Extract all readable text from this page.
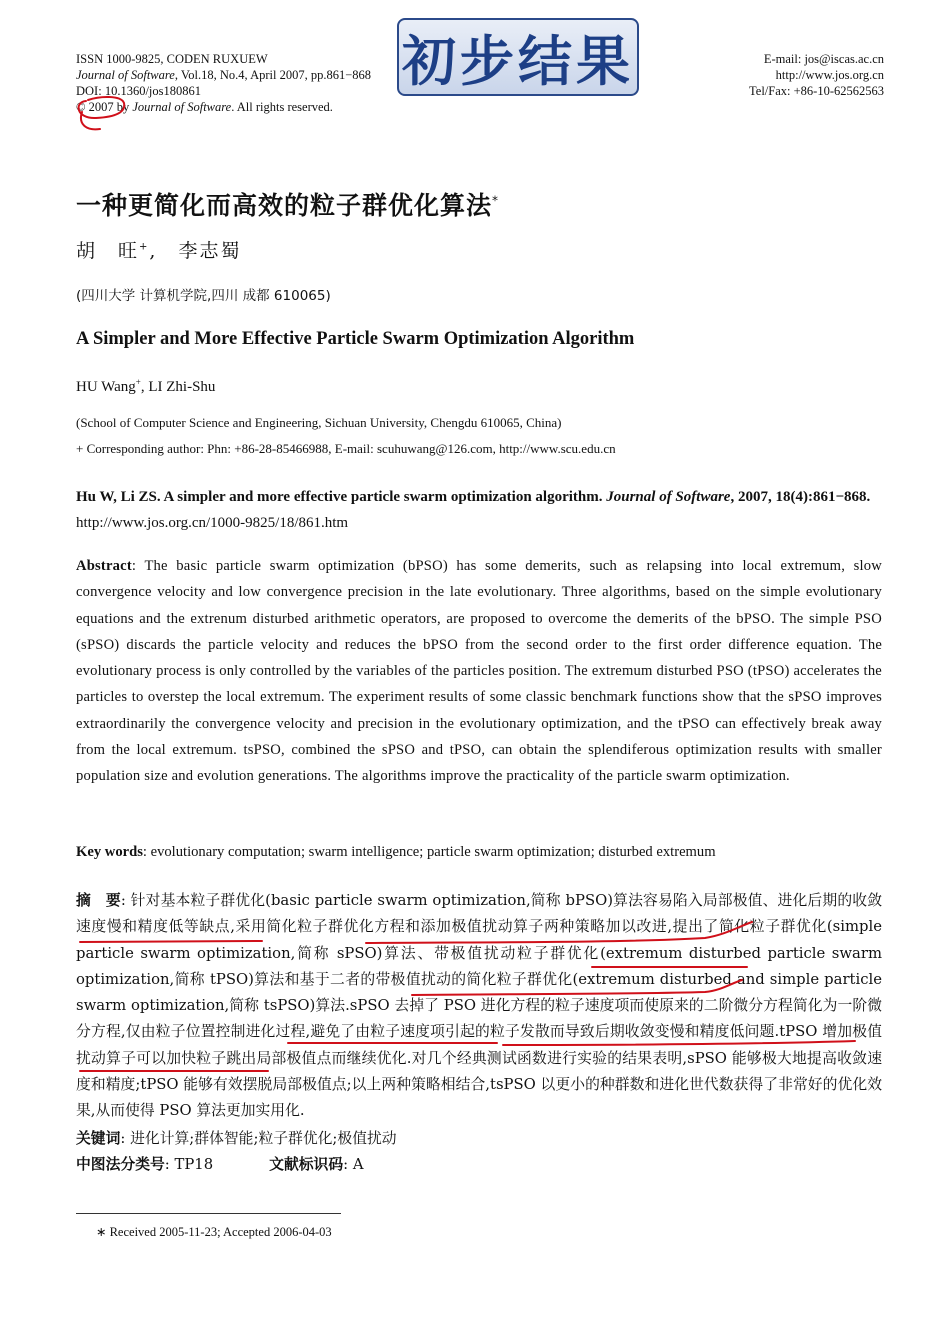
ISSN 1000-9825, CODEN RUXUEW
Journal of Software, Vol.18, No.4, April 2007, pp.861−868
DOI: 10.1360/jos180861
© 2007 by Journal of Software. All rights reserved.
E-mail: jos@iscas.ac.cn
http://www.jos.org.cn
Tel/Fax: +86-10-62562563
初步结果
一种更简化而高效的粒子群优化算法*
胡　旺+,　李志蜀
(四川大学 计算机学院,四川 成都 610065)
A Simpler and More Effective Particle Swarm Optimization Algorithm
HU Wang+, LI Zhi-Shu
(School of Computer Science and Engineering, Sichuan University, Chengdu 610065, China)
+ Corresponding author: Phn: +86-28-85466988, E-mail: scuhuwang@126.com, http://www.scu.edu.cn
Hu W, Li ZS. A simpler and more effective particle swarm optimization algorithm. Journal of Software, 2007, 18(4):861−868. http://www.jos.org.cn/1000-9825/18/861.htm
Abstract: The basic particle swarm optimization (bPSO) has some demerits, such as relapsing into local extremum, slow convergence velocity and low convergence precision in the late evolutionary. Three algorithms, based on the simple evolutionary equations and the extrenum disturbed arithmetic operators, are proposed to overcome the demerits of the bPSO. The simple PSO (sPSO) discards the particle velocity and reduces the bPSO from the second order to the first order difference equation. The evolutionary process is only controlled by the variables of the particles position. The extremum disturbed PSO (tPSO) accelerates the particles to overstep the local extremum. The experiment results of some classic benchmark functions show that the sPSO improves extraordinarily the convergence velocity and precision in the evolutionary optimization, and the tPSO can effectively break away from the local extremum. tsPSO, combined the sPSO and tPSO, can obtain the splendiferous optimization results with smaller population size and evolution generations. The algorithms improve the practicality of the particle swarm optimization.
Key words: evolutionary computation; swarm intelligence; particle swarm optimization; disturbed extremum
摘　要: 针对基本粒子群优化(basic particle swarm optimization,简称 bPSO)算法容易陷入局部极值、进化后期的收敛速度慢和精度低等缺点,采用简化粒子群优化方程和添加极值扰动算子两种策略加以改进,提出了简化粒子群优化(simple particle swarm optimization,简称 sPSO)算法、带极值扰动粒子群优化(extremum disturbed particle swarm optimization,简称 tPSO)算法和基于二者的带极值扰动的简化粒子群优化(extremum disturbed and simple particle swarm optimization,简称 tsPSO)算法.sPSO 去掉了 PSO 进化方程的粒子速度项而使原来的二阶微分方程简化为一阶微分方程,仅由粒子位置控制进化过程,避免了由粒子速度项引起的粒子发散而导致后期收敛变慢和精度低问题.tPSO 增加极值扰动算子可以加快粒子跳出局部极值点而继续优化.对几个经典测试函数进行实验的结果表明,sPSO 能够极大地提高收敛速度和精度;tPSO 能够有效摆脱局部极值点;以上两种策略相结合,tsPSO 以更小的种群数和进化世代数获得了非常好的优化效果,从而使得 PSO 算法更加实用化.
关键词: 进化计算;群体智能;粒子群优化;极值扰动
中图法分类号: TP18	文献标识码: A
∗ Received 2005-11-23; Accepted 2006-04-03
